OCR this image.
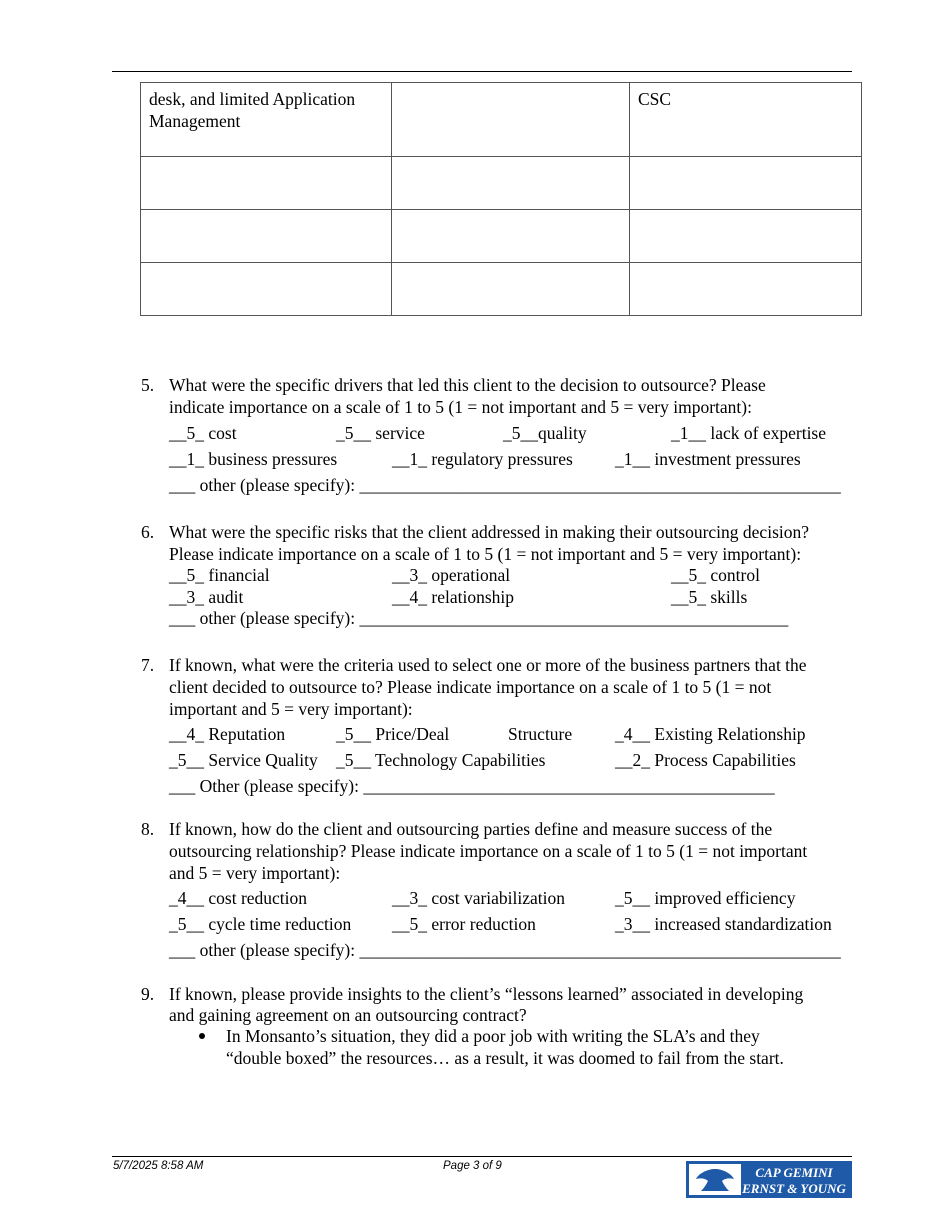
desk, and limited Application Management		CSC

5. What were the specific drivers that led this client to the decision to outsource? Please
indicate importance on a scale of 1 to 5 (1 = not important and 5 = very important):
__5_ cost	_5__ service	_5__quality	_1__ lack of expertise
__1_ business pressures	__1_ regulatory pressures _1__ investment pressures
___ other (please specify): _______________________________________________________
6. What were the specific risks that the client addressed in making their outsourcing decision?
Please indicate importance on a scale of 1 to 5 (1 = not important and 5 = very important):
__5_ financial	__3_ operational	__5_ control
__3_ audit	__4_ relationship	__5_ skills
___ other (please specify): _________________________________________________
7. If known, what were the criteria used to select one or more of the business partners that the
client decided to outsource to? Please indicate importance on a scale of 1 to 5 (1 = not
important and 5 = very important):
__4_ Reputation	_5__ Price/Deal	Structure _4__ Existing Relationship
_5__ Service Quality _5__ Technology Capabilities	__2_ Process Capabilities
___ Other (please specify): _______________________________________________
8. If known, how do the client and outsourcing parties define and measure success of the
outsourcing relationship? Please indicate importance on a scale of 1 to 5 (1 = not important
and 5 = very important):
_4__ cost reduction	__3_ cost variabilization	_5__ improved efficiency
_5__ cycle time reduction __5_ error reduction	_3__ increased standardization
___ other (please specify): _______________________________________________________
9. If known, please provide insights to the client’s “lessons learned” associated in developing
and gaining agreement on an outsourcing contract?
In Monsanto’s situation, they did a poor job with writing the SLA’s and they
“double boxed” the resources… as a result, it was doomed to fail from the start.
5/7/2025 8:58 AM	Page 3 of 9	CAP GEMINI
ERNST & YOUNG
